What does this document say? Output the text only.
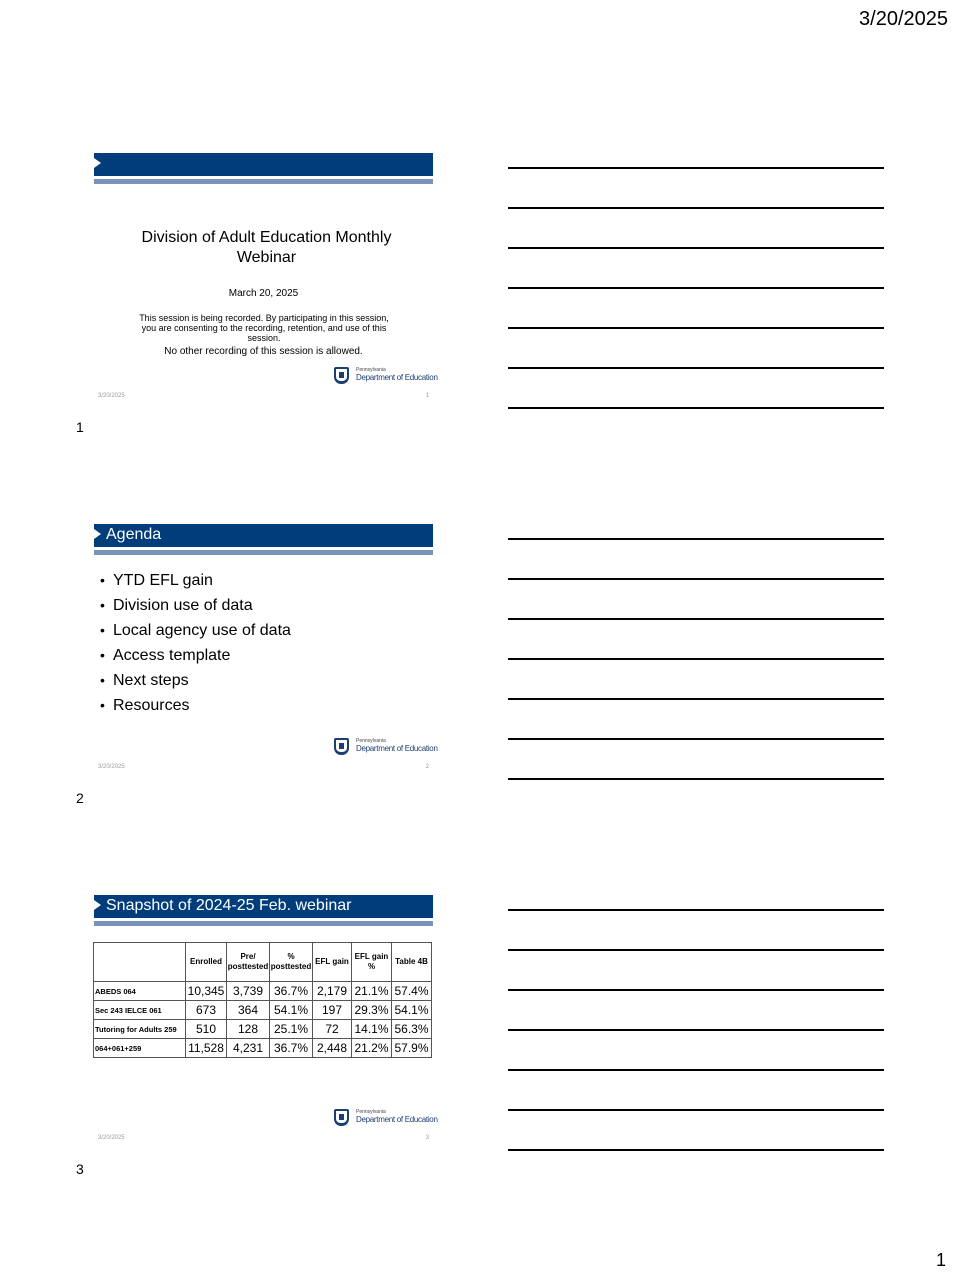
3/20/2025
Division of Adult Education Monthly Webinar
March 20, 2025
This session is being recorded. By participating in this session, you are consenting to the recording, retention, and use of this session.
No other recording of this session is allowed.
Pennsylvania
Department of Education
3/20/2025	1
1
Agenda
• YTD EFL gain
• Division use of data
• Local agency use of data
• Access template
• Next steps
• Resources
Pennsylvania
Department of Education
3/20/2025	2
2
Snapshot of 2024-25 Feb. webinar
	Enrolled	Pre/ posttested	% posttested	EFL gain	EFL gain %	Table 4B
ABEDS 064	10,345	3,739	36.7%	2,179	21.1%	57.4%
Sec 243 IELCE 061	673	364	54.1%	197	29.3%	54.1%
Tutoring for Adults 259	510	128	25.1%	72	14.1%	56.3%
064+061+259	11,528	4,231	36.7%	2,448	21.2%	57.9%
Pennsylvania
Department of Education
3/20/2025	3
3
1
